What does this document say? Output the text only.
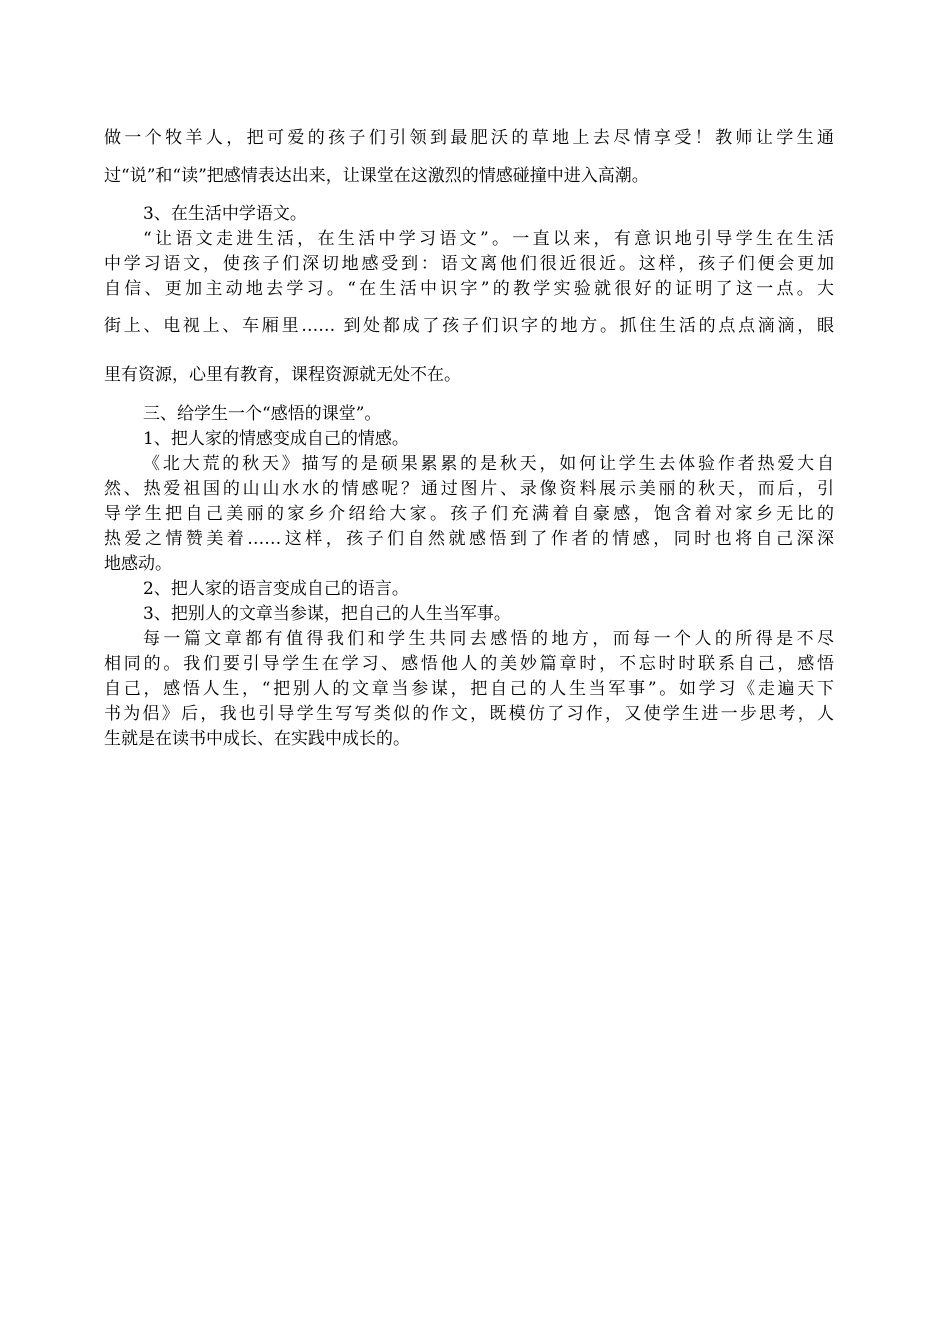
做一个牧羊人，把可爱的孩子们引领到最肥沃的草地上去尽情享受！教师让学生通
过“说”和“读”把感情表达出来，让课堂在这激烈的情感碰撞中进入高潮。
3、在生活中学语文。
“让语文走进生活，在生活中学习语文”。一直以来，有意识地引导学生在生活
中学习语文，使孩子们深切地感受到：语文离他们很近很近。这样，孩子们便会更加
自信、更加主动地去学习。“在生活中识字”的教学实验就很好的证明了这一点。大
街上、电视上、车厢里…… 到处都成了孩子们识字的地方。抓住生活的点点滴滴，眼
里有资源，心里有教育，课程资源就无处不在。
三、给学生一个“感悟的课堂”。
1、把人家的情感变成自己的情感。
《北大荒的秋天》描写的是硕果累累的是秋天，如何让学生去体验作者热爱大自
然、热爱祖国的山山水水的情感呢？通过图片、录像资料展示美丽的秋天，而后，引
导学生把自己美丽的家乡介绍给大家。孩子们充满着自豪感，饱含着对家乡无比的
热爱之情赞美着……这样，孩子们自然就感悟到了作者的情感，同时也将自己深深
地感动。
2、把人家的语言变成自己的语言。
3、把别人的文章当参谋，把自己的人生当军事。
每一篇文章都有值得我们和学生共同去感悟的地方，而每一个人的所得是不尽
相同的。我们要引导学生在学习、感悟他人的美妙篇章时，不忘时时联系自己，感悟
自己，感悟人生，“把别人的文章当参谋，把自己的人生当军事”。如学习《走遍天下
书为侣》后，我也引导学生写写类似的作文，既模仿了习作，又使学生进一步思考，人
生就是在读书中成长、在实践中成长的。
